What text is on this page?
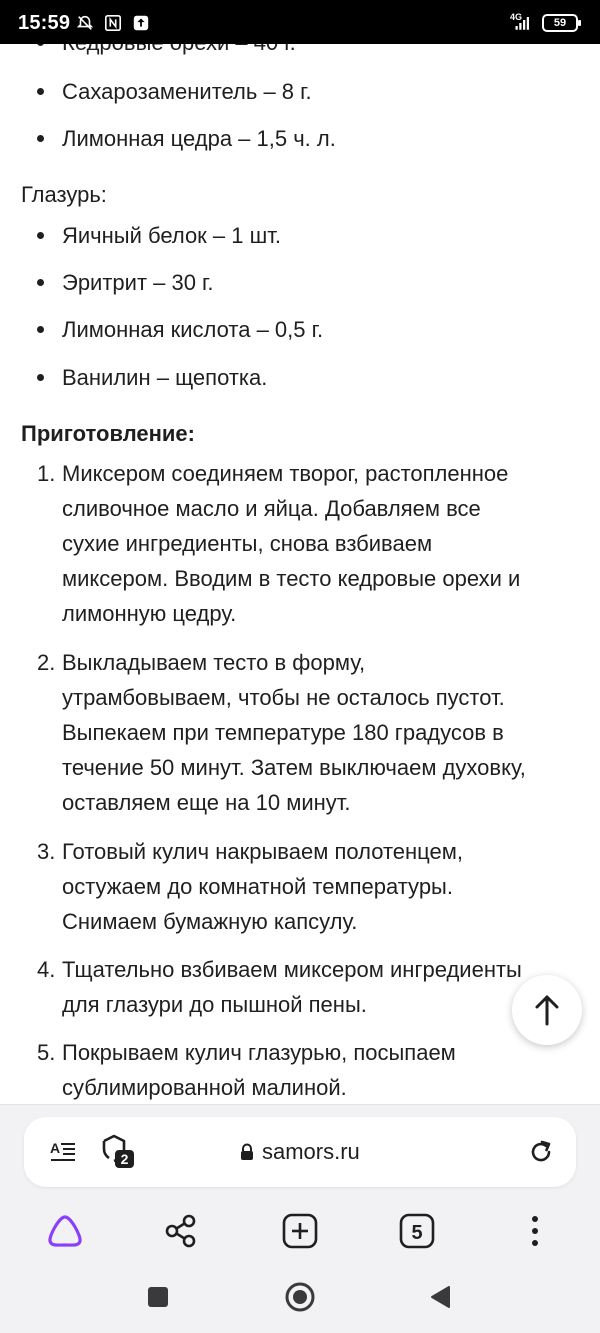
Сахарозаменитель – 8 г.
Лимонная цедра – 1,5 ч. л.
Глазурь:
Яичный белок – 1 шт.
Эритрит – 30 г.
Лимонная кислота – 0,5 г.
Ванилин – щепотка.
Приготовление:
1. Миксером соединяем творог, растопленное
сливочное масло и яйца. Добавляем все
сухие ингредиенты, снова взбиваем
миксером. Вводим в тесто кедровые орехи и
лимонную цедру.
2. Выкладываем тесто в форму,
утрамбовываем, чтобы не осталось пустот.
Выпекаем при температуре 180 градусов в
течение 50 минут. Затем выключаем духовку,
оставляем еще на 10 минут.
3. Готовый кулич накрываем полотенцем,
остужаем до комнатной температуры.
Снимаем бумажную капсулу.
4. Тщательно взбиваем миксером ингредиенты
для глазури до пышной пены.
5. Покрываем кулич глазурью, посыпаем
сублимированной малиной.
15:59	4G	59
A
2	samors.ru
5
